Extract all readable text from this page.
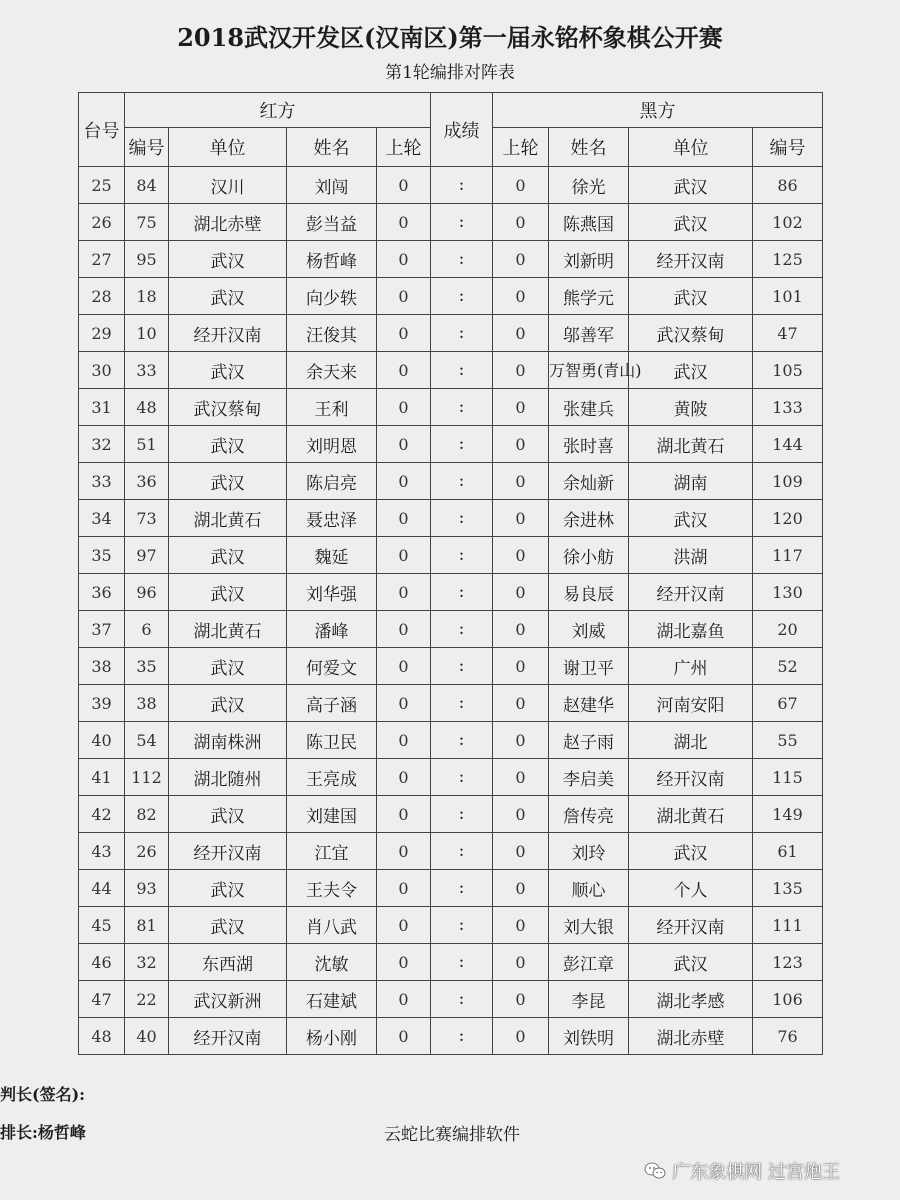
2018武汉开发区(汉南区)第一届永铭杯象棋公开赛
第1轮编排对阵表
台号	红方				成绩	黑方			
	编号	单位	姓名	上轮		上轮	姓名	单位	编号
25	84	汉川	刘闯	0	:	0	徐光	武汉	86
26	75	湖北赤壁	彭当益	0	:	0	陈燕国	武汉	102
27	95	武汉	杨哲峰	0	:	0	刘新明	经开汉南	125
28	18	武汉	向少轶	0	:	0	熊学元	武汉	101
29	10	经开汉南	汪俊其	0	:	0	邬善军	武汉蔡甸	47
30	33	武汉	余天来	0	:	0	万智勇(青山)	武汉	105
31	48	武汉蔡甸	王利	0	:	0	张建兵	黄陂	133
32	51	武汉	刘明恩	0	:	0	张时喜	湖北黄石	144
33	36	武汉	陈启亮	0	:	0	余灿新	湖南	109
34	73	湖北黄石	聂忠泽	0	:	0	余进林	武汉	120
35	97	武汉	魏延	0	:	0	徐小舫	洪湖	117
36	96	武汉	刘华强	0	:	0	易良辰	经开汉南	130
37	6	湖北黄石	潘峰	0	:	0	刘威	湖北嘉鱼	20
38	35	武汉	何爱文	0	:	0	谢卫平	广州	52
39	38	武汉	高子涵	0	:	0	赵建华	河南安阳	67
40	54	湖南株洲	陈卫民	0	:	0	赵子雨	湖北	55
41	112	湖北随州	王亮成	0	:	0	李启美	经开汉南	115
42	82	武汉	刘建国	0	:	0	詹传亮	湖北黄石	149
43	26	经开汉南	江宜	0	:	0	刘玲	武汉	61
44	93	武汉	王夫令	0	:	0	顺心	个人	135
45	81	武汉	肖八武	0	:	0	刘大银	经开汉南	111
46	32	东西湖	沈敏	0	:	0	彭江章	武汉	123
47	22	武汉新洲	石建斌	0	:	0	李昆	湖北孝感	106
48	40	经开汉南	杨小刚	0	:	0	刘铁明	湖北赤壁	76
判长(签名):
排长:杨哲峰	云蛇比赛编排软件
广东象棋网 过宫炮王
